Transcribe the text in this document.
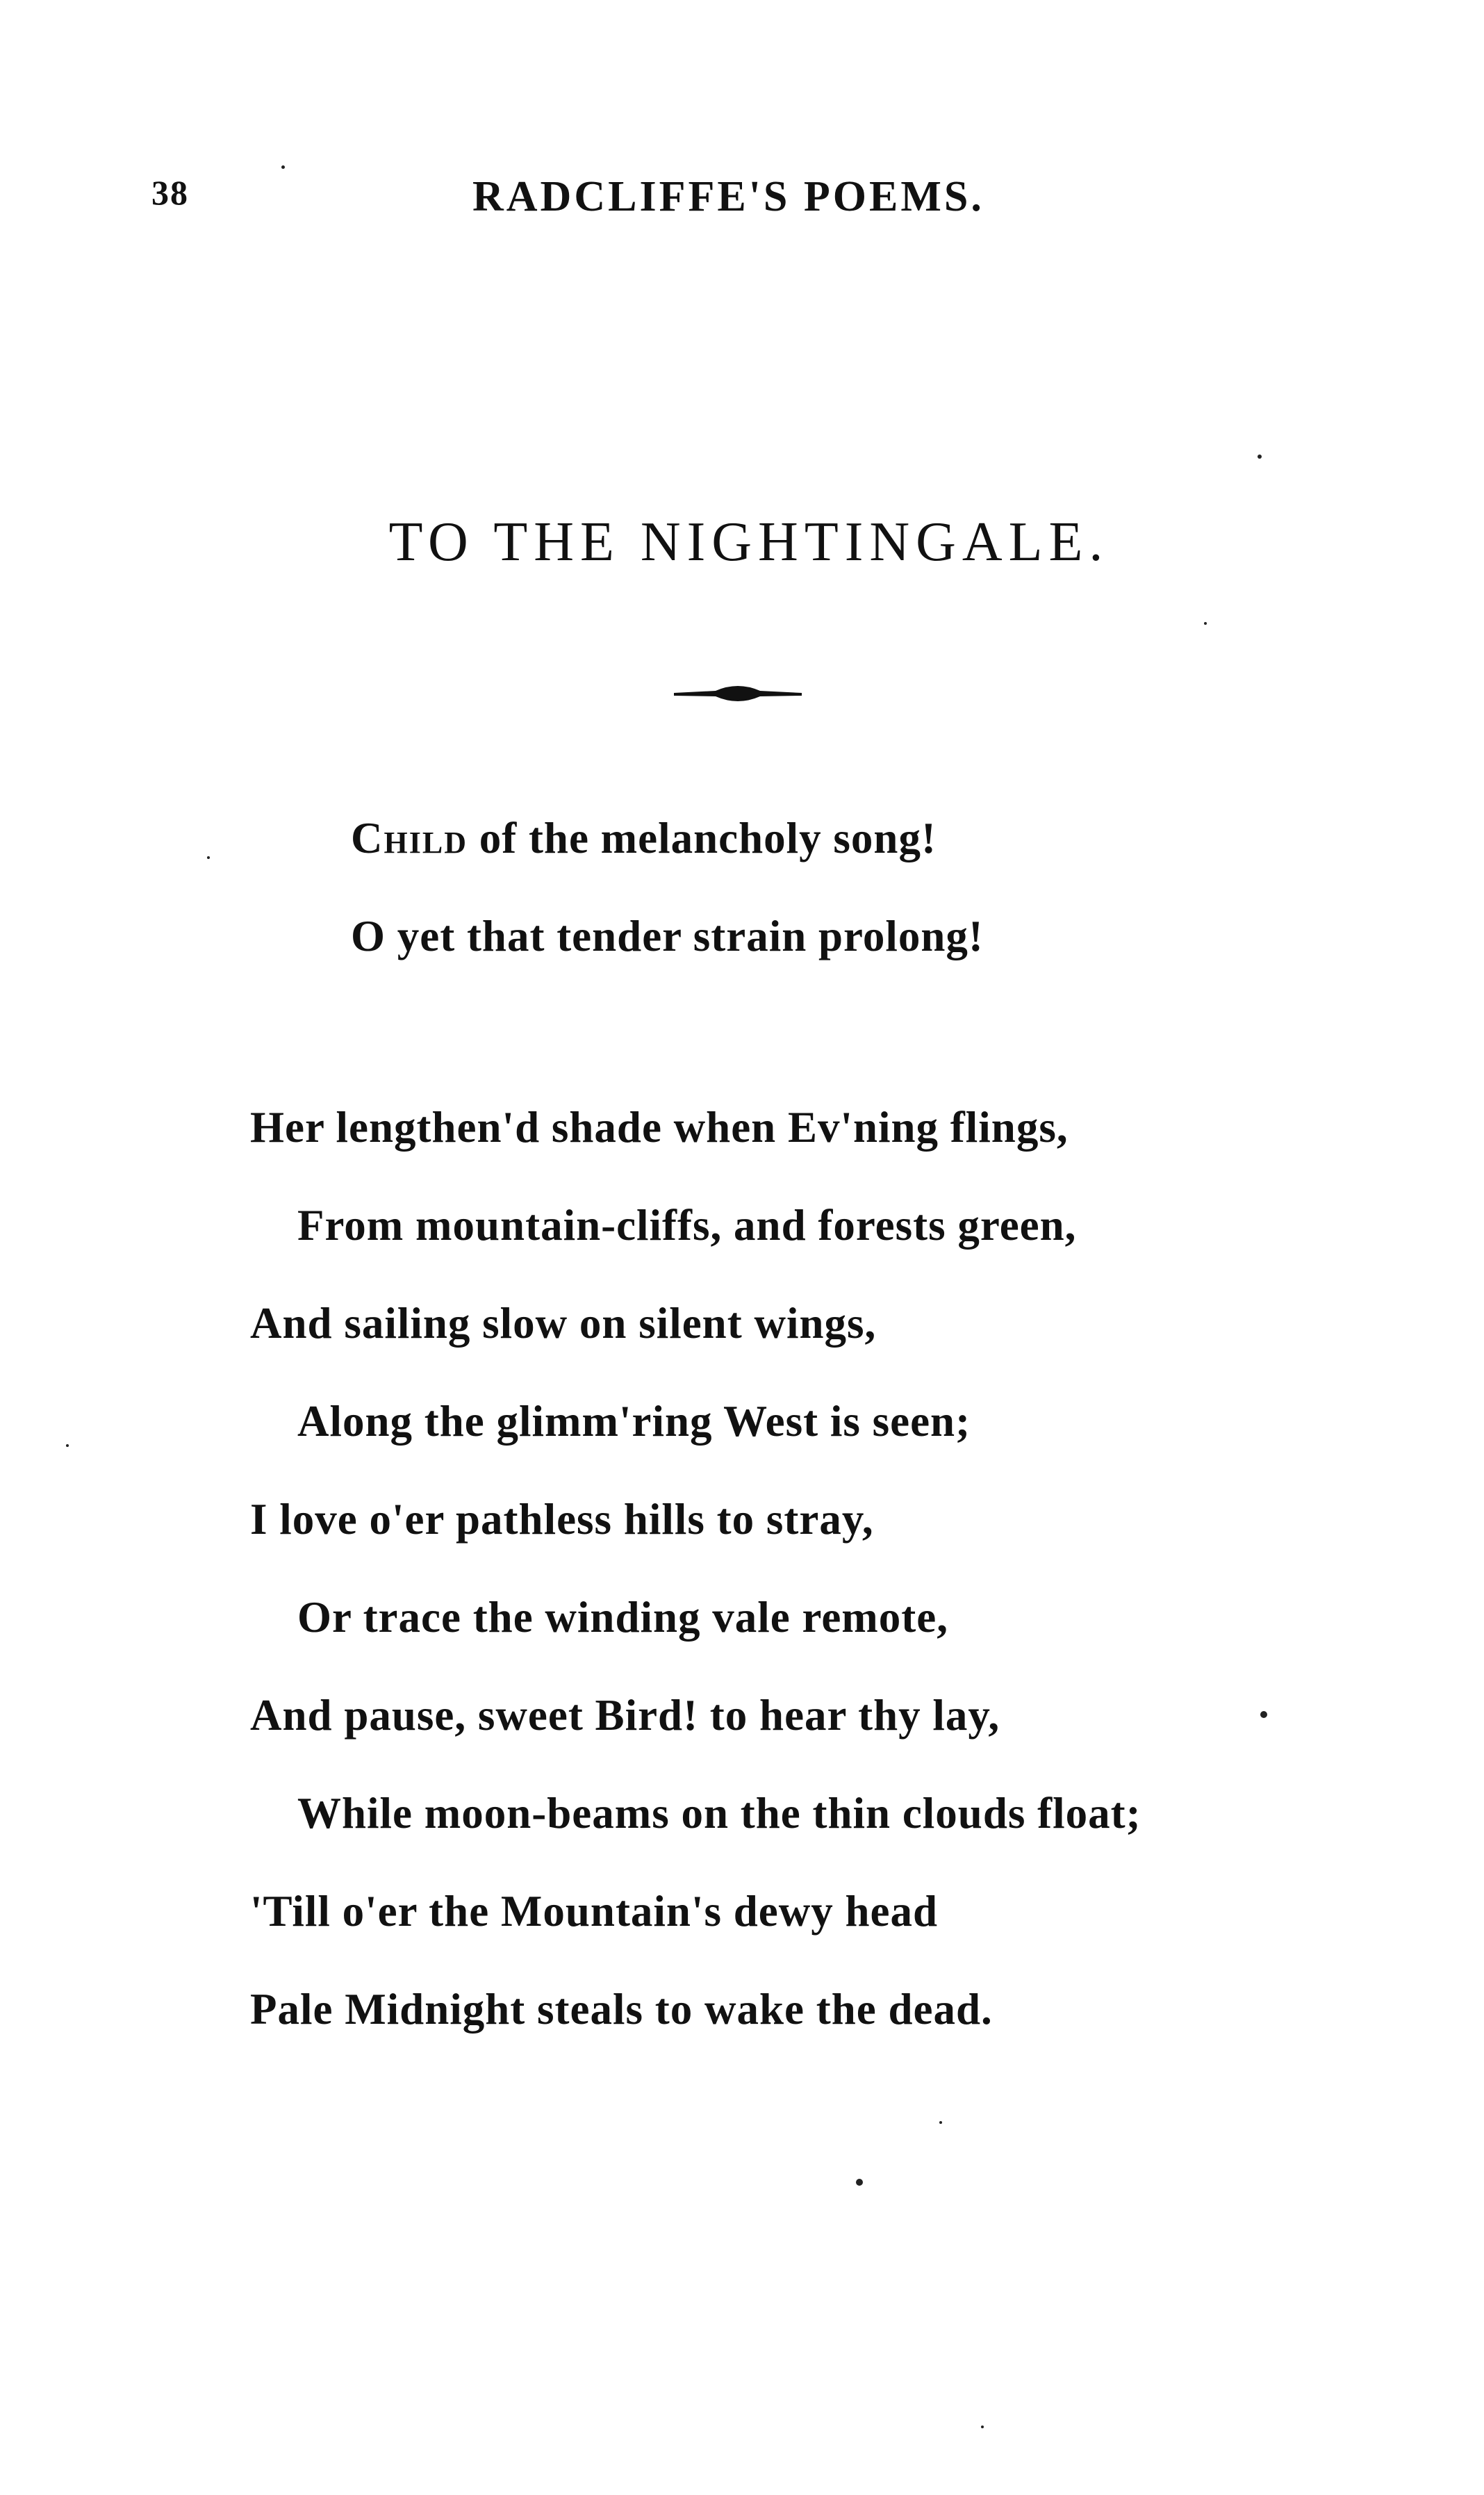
38	RADCLIFFE'S POEMS.
TO THE NIGHTINGALE.
Child of the melancholy song!
O yet that tender strain prolong!
Her lengthen'd shade when Ev'ning flings,
From mountain-cliffs, and forests green,
And sailing slow on silent wings,
Along the glimm'ring West is seen;
I love o'er pathless hills to stray,
Or trace the winding vale remote,
And pause, sweet Bird! to hear thy lay,
While moon-beams on the thin clouds float;
'Till o'er the Mountain's dewy head
Pale Midnight steals to wake the dead.
